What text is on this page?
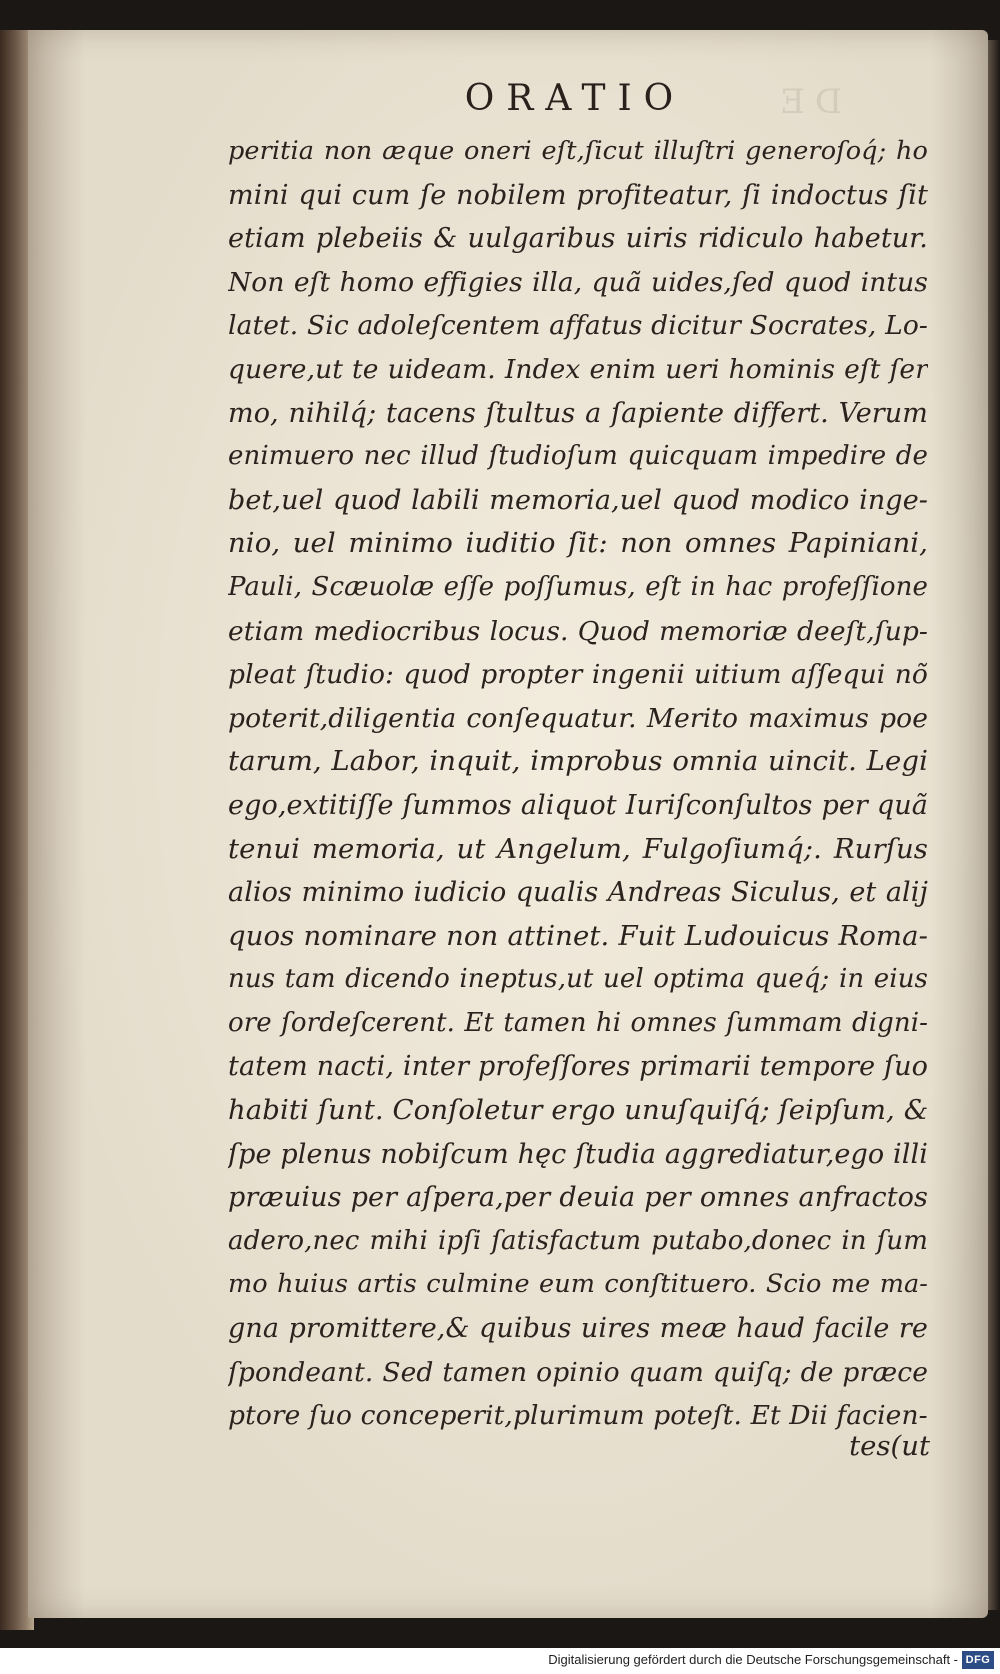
DE
ORATIO
peritia non æque oneri eſt,ſicut illuſtri generoſoq́; ho
mini qui cum ſe nobilem profiteatur, ſi indoctus ſit
etiam plebeiis & uulgaribus uiris ridiculo habetur.
Non eſt homo effigies illa, quã uides,ſed quod intus
latet. Sic adoleſcentem affatus dicitur Socrates, Lo-
quere,ut te uideam. Index enim ueri hominis eſt ſer
mo, nihilq́; tacens ſtultus a ſapiente differt. Verum
enimuero nec illud ſtudioſum quicquam impedire de
bet,uel quod labili memoria,uel quod modico inge-
nio, uel minimo iuditio ſit: non omnes Papiniani,
Pauli, Scæuolæ eſſe poſſumus, eſt in hac profeſſione
etiam mediocribus locus. Quod memoriæ deeſt,ſup-
pleat ſtudio: quod propter ingenii uitium aſſequi nõ
poterit,diligentia conſequatur. Merito maximus poe
tarum, Labor, inquit, improbus omnia uincit. Legi
ego,extitiſſe ſummos aliquot Iuriſconſultos per quã
tenui memoria, ut Angelum, Fulgoſiumq́;. Rurſus
alios minimo iudicio qualis Andreas Siculus, et alij
quos nominare non attinet. Fuit Ludouicus Roma-
nus tam dicendo ineptus,ut uel optima queq́; in eius
ore ſordeſcerent. Et tamen hi omnes ſummam digni-
tatem nacti, inter profeſſores primarii tempore ſuo
habiti ſunt. Conſoletur ergo unuſquiſq́; ſeipſum, &
ſpe plenus nobiſcum hęc ſtudia aggrediatur,ego illi
præuius per aſpera,per deuia per omnes anfractos
adero,nec mihi ipſi ſatisfactum putabo,donec in ſum
mo huius artis culmine eum conſtituero. Scio me ma-
gna promittere,& quibus uires meæ haud facile re
ſpondeant. Sed tamen opinio quam quiſq; de præce
ptore ſuo conceperit,plurimum poteſt. Et Dii facien-
tes(ut
Digitalisierung gefördert durch die Deutsche Forschungsgemeinschaft - DFG
